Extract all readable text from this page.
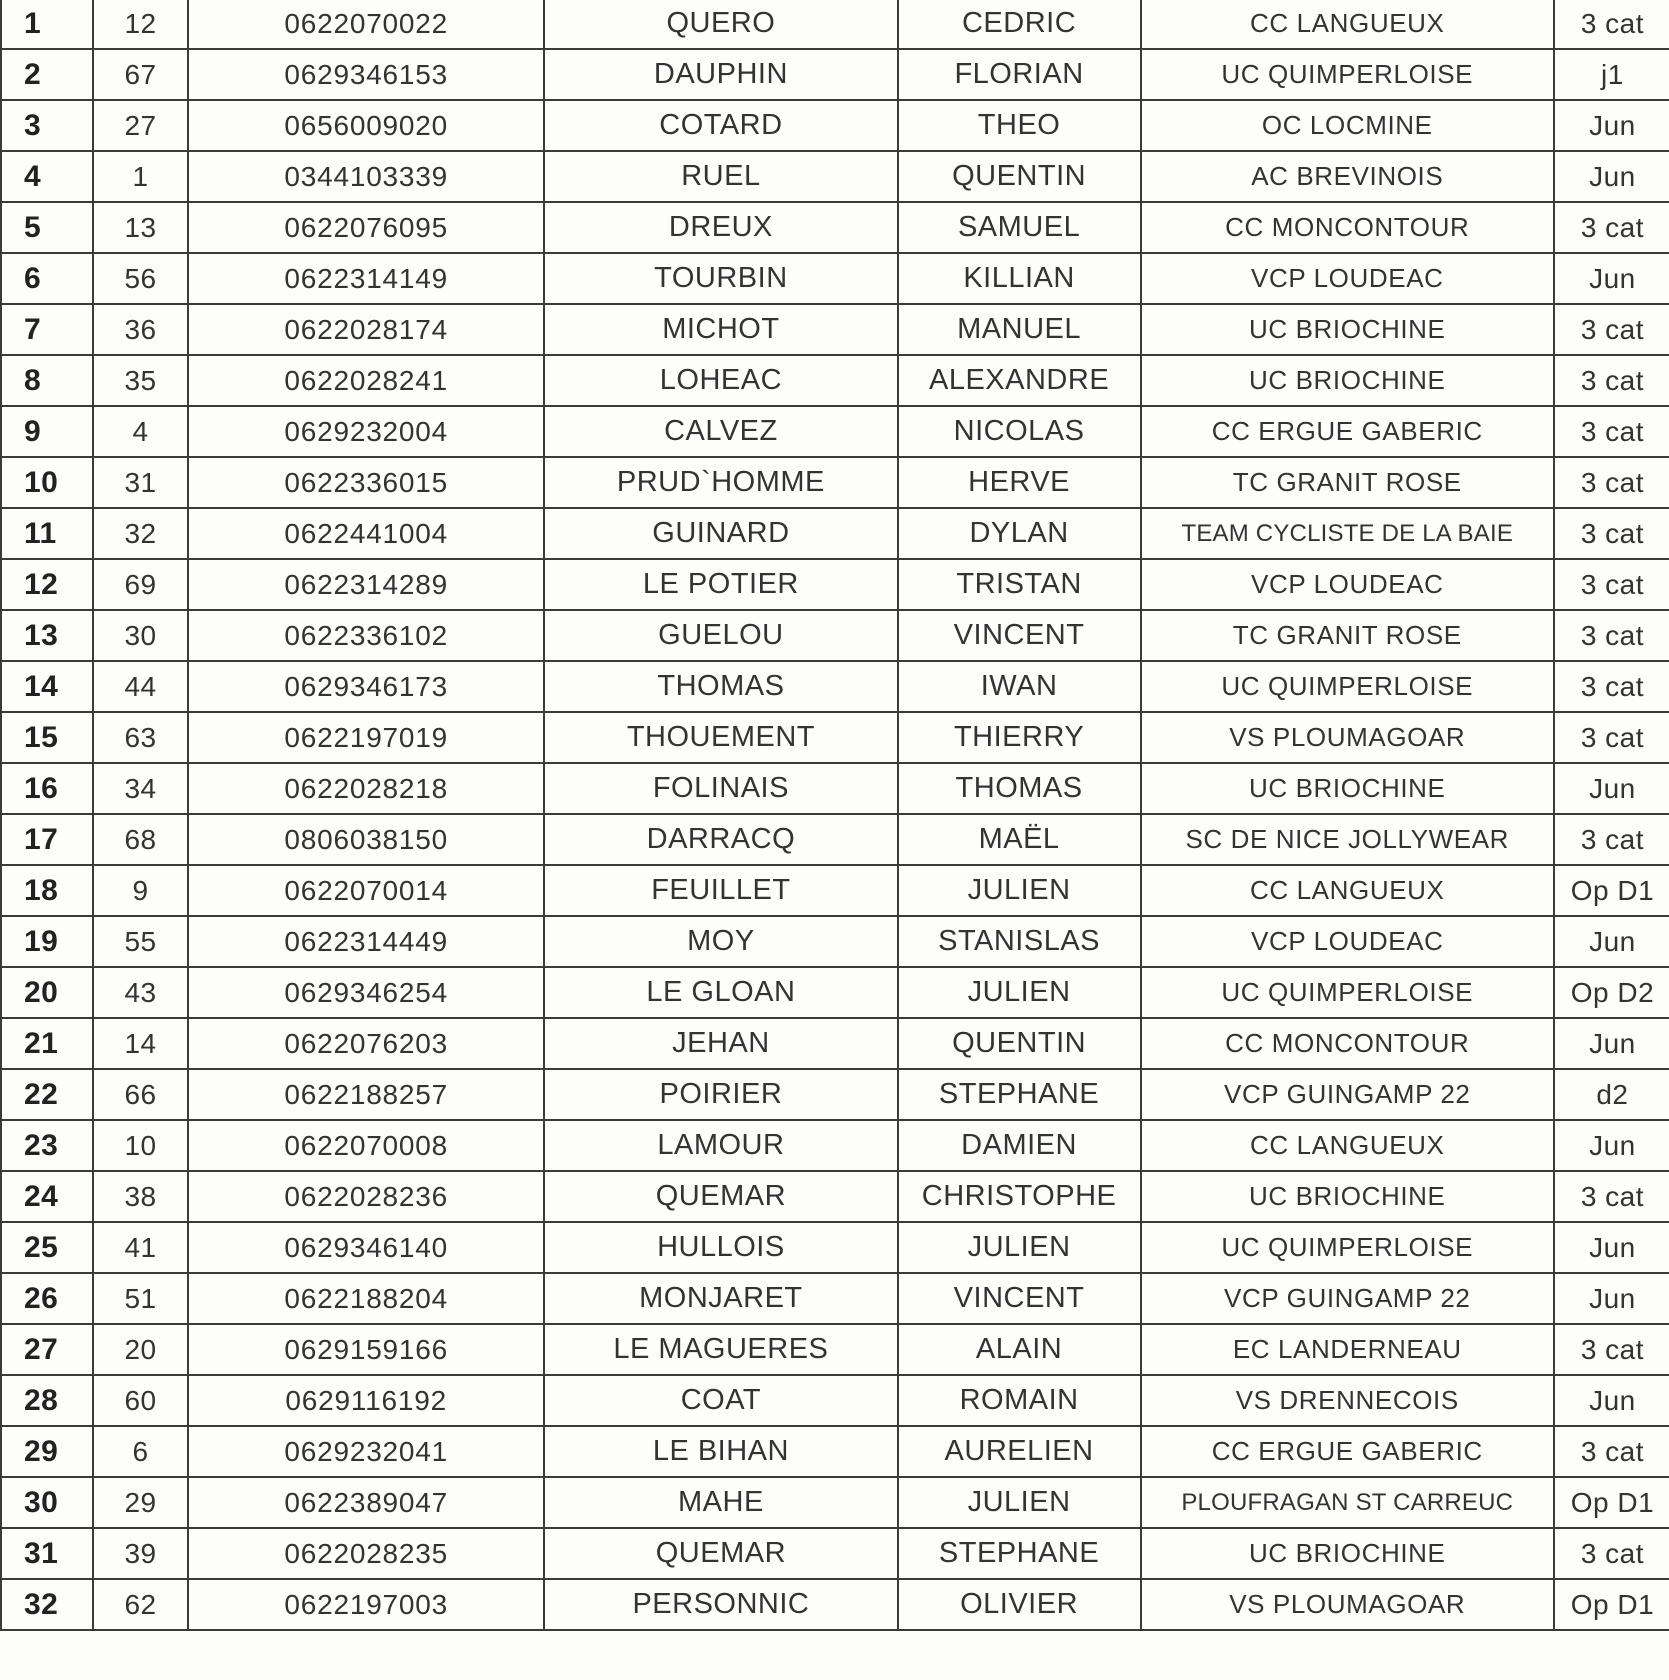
1	12	0622070022	QUERO	CEDRIC	CC LANGUEUX	3 cat
2	67	0629346153	DAUPHIN	FLORIAN	UC QUIMPERLOISE	j1
3	27	0656009020	COTARD	THEO	OC LOCMINE	Jun
4	1	0344103339	RUEL	QUENTIN	AC BREVINOIS	Jun
5	13	0622076095	DREUX	SAMUEL	CC MONCONTOUR	3 cat
6	56	0622314149	TOURBIN	KILLIAN	VCP LOUDEAC	Jun
7	36	0622028174	MICHOT	MANUEL	UC BRIOCHINE	3 cat
8	35	0622028241	LOHEAC	ALEXANDRE	UC BRIOCHINE	3 cat
9	4	0629232004	CALVEZ	NICOLAS	CC ERGUE GABERIC	3 cat
10	31	0622336015	PRUD`HOMME	HERVE	TC GRANIT ROSE	3 cat
11	32	0622441004	GUINARD	DYLAN	TEAM CYCLISTE DE LA BAIE	3 cat
12	69	0622314289	LE POTIER	TRISTAN	VCP LOUDEAC	3 cat
13	30	0622336102	GUELOU	VINCENT	TC GRANIT ROSE	3 cat
14	44	0629346173	THOMAS	IWAN	UC QUIMPERLOISE	3 cat
15	63	0622197019	THOUEMENT	THIERRY	VS PLOUMAGOAR	3 cat
16	34	0622028218	FOLINAIS	THOMAS	UC BRIOCHINE	Jun
17	68	0806038150	DARRACQ	MAËL	SC DE NICE JOLLYWEAR	3 cat
18	9	0622070014	FEUILLET	JULIEN	CC LANGUEUX	Op D1
19	55	0622314449	MOY	STANISLAS	VCP LOUDEAC	Jun
20	43	0629346254	LE GLOAN	JULIEN	UC QUIMPERLOISE	Op D2
21	14	0622076203	JEHAN	QUENTIN	CC MONCONTOUR	Jun
22	66	0622188257	POIRIER	STEPHANE	VCP GUINGAMP 22	d2
23	10	0622070008	LAMOUR	DAMIEN	CC LANGUEUX	Jun
24	38	0622028236	QUEMAR	CHRISTOPHE	UC BRIOCHINE	3 cat
25	41	0629346140	HULLOIS	JULIEN	UC QUIMPERLOISE	Jun
26	51	0622188204	MONJARET	VINCENT	VCP GUINGAMP 22	Jun
27	20	0629159166	LE MAGUERES	ALAIN	EC LANDERNEAU	3 cat
28	60	0629116192	COAT	ROMAIN	VS DRENNECOIS	Jun
29	6	0629232041	LE BIHAN	AURELIEN	CC ERGUE GABERIC	3 cat
30	29	0622389047	MAHE	JULIEN	PLOUFRAGAN ST CARREUC	Op D1
31	39	0622028235	QUEMAR	STEPHANE	UC BRIOCHINE	3 cat
32	62	0622197003	PERSONNIC	OLIVIER	VS PLOUMAGOAR	Op D1
